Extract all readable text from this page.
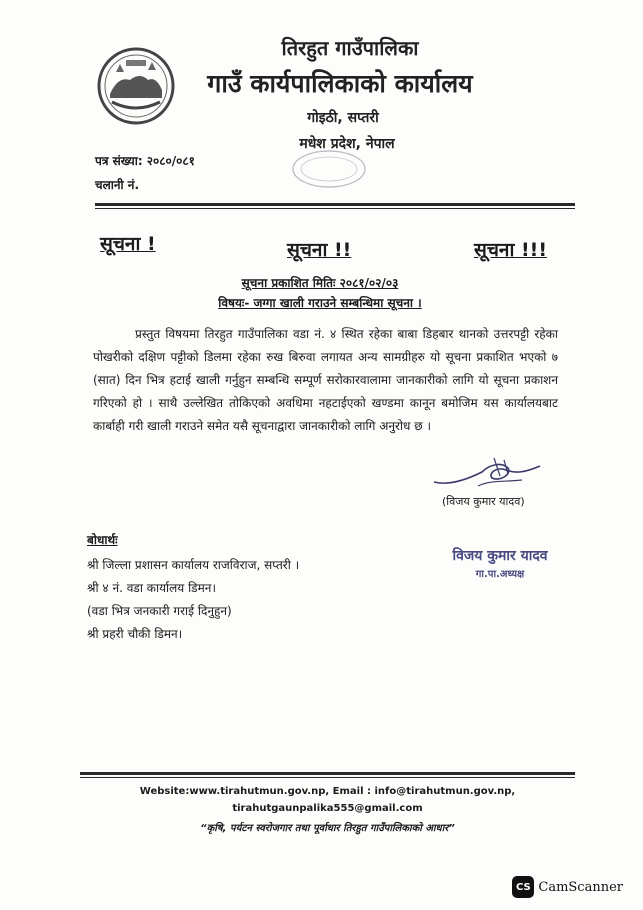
तिरहुत गाउँपालिका
गाउँ कार्यपालिकाको कार्यालय
गोइठी, सप्तरी
मधेश प्रदेश, नेपाल
पत्र संख्या: २०८०/०८१
चलानी नं.
सूचना !	सूचना !!	सूचना !!!
सूचना प्रकाशित मितिः २०८१/०२/०३
विषयः- जग्गा खाली गराउने सम्बन्धिमा सूचना ।
प्रस्तुत विषयमा तिरहुत गाउँपालिका वडा नं. ४ स्थित रहेका बाबा डिहबार थानको उत्तरपट्टी रहेका पोखरीको दक्षिण पट्टीको डिलमा रहेका रुख बिरुवा लगायत अन्य सामग्रीहरु यो सूचना प्रकाशित भएको ७ (सात) दिन भित्र हटाई खाली गर्नुहुन सम्बन्धि सम्पूर्ण सरोकारवालामा जानकारीको लागि यो सूचना प्रकाशन गरिएको हो । साथै उल्लेखित तोकिएको अवधिमा नहटाईएको खण्डमा कानून बमोजिम यस कार्यालयबाट कार्बाही गरी खाली गराउने समेत यसै सूचनाद्वारा जानकारीको लागि अनुरोध छ ।
(विजय कुमार यादव)
विजय कुमार यादव
गा.पा.अध्यक्ष
बोधार्थः
श्री जिल्ला प्रशासन कार्यालय राजविराज, सप्तरी ।
श्री ४ नं. वडा कार्यालय डिमन।
(वडा भित्र जनकारी गराई दिनुहुन)
श्री प्रहरी चौकी डिमन।
Website:www.tirahutmun.gov.np, Email : info@tirahutmun.gov.np,
tirahutgaunpalika555@gmail.com
“कृषि, पर्यटन स्वरोजगार तथा पूर्वाधार तिरहुत गाउँपालिकाको आधार”
CS CamScanner
